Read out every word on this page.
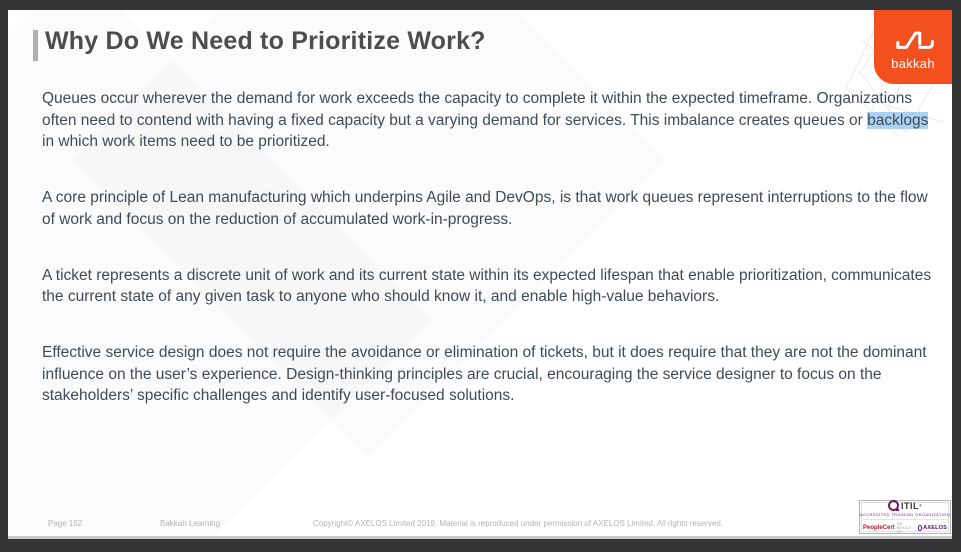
bakkah
Why Do We Need to Prioritize Work?

Queues occur wherever the demand for work exceeds the capacity to complete it within the expected timeframe. Organizations often need to contend with having a fixed capacity but a varying demand for services. This imbalance creates queues or backlogs in which work items need to be prioritized.

A core principle of Lean manufacturing which underpins Agile and DevOps, is that work queues represent interruptions to the flow of work and focus on the reduction of accumulated work-in-progress.

A ticket represents a discrete unit of work and its current state within its expected lifespan that enable prioritization, communicates the current state of any given task to anyone who should know it, and enable high-value behaviors.

Effective service design does not require the avoidance or elimination of tickets, but it does require that they are not the dominant influence on the user’s experience. Design-thinking principles are crucial, encouraging the service designer to focus on the stakeholders’ specific challenges and identify user-focused solutions.

Page 152	Bakkah Learning	Copyright© AXELOS Limited 2019. Material is reproduced under permission of AXELOS Limited. All rights reserved.
ITIL ®
ACCREDITED TRAINING ORGANIZATION
PeopleCert
ON BEHALF OF
AXELOS
